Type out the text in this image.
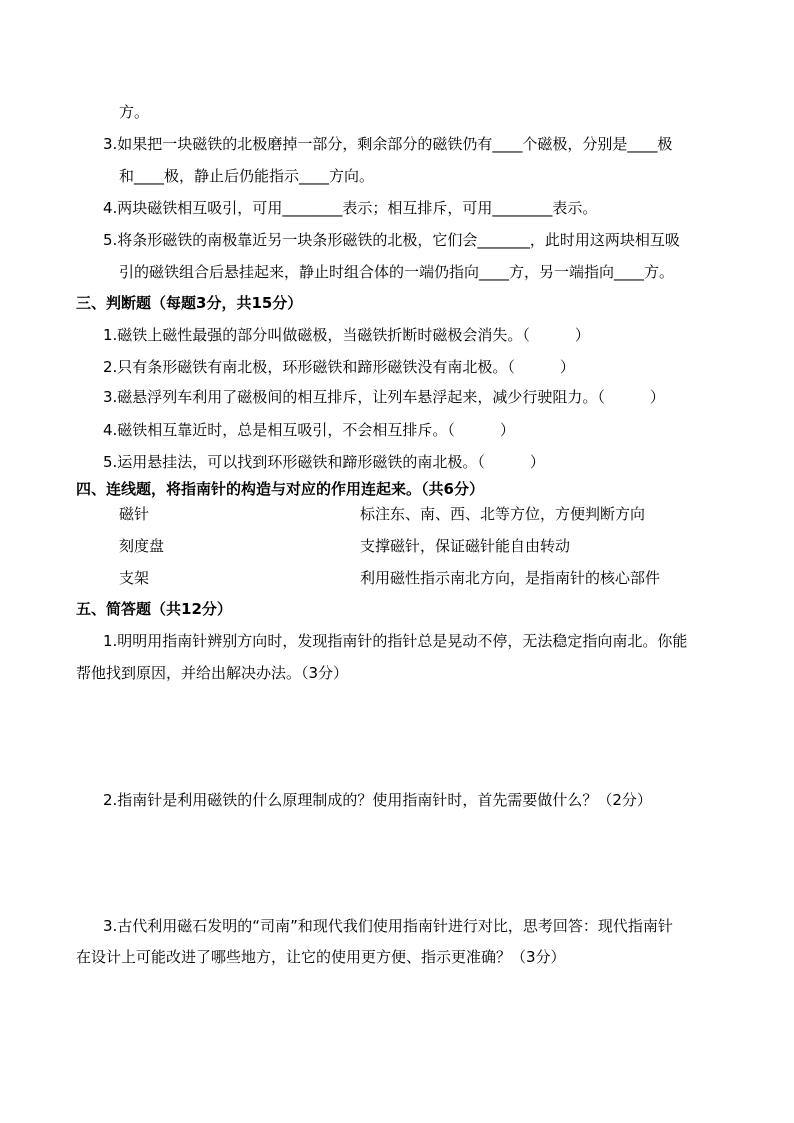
方。
3.如果把一块磁铁的北极磨掉一部分，剩余部分的磁铁仍有____个磁极，分别是____极
和____极，静止后仍能指示____方向。
4.两块磁铁相互吸引，可用________表示；相互排斥，可用________表示。
5.将条形磁铁的南极靠近另一块条形磁铁的北极，它们会_______，此时用这两块相互吸
引的磁铁组合后悬挂起来，静止时组合体的一端仍指向____方，另一端指向____方。
三、判断题（每题3分，共15分）
1.磁铁上磁性最强的部分叫做磁极，当磁铁折断时磁极会消失。（　　　）
2.只有条形磁铁有南北极，环形磁铁和蹄形磁铁没有南北极。（　　　）
3.磁悬浮列车利用了磁极间的相互排斥，让列车悬浮起来，减少行驶阻力。（　　　）
4.磁铁相互靠近时，总是相互吸引，不会相互排斥。（　　　）
5.运用悬挂法，可以找到环形磁铁和蹄形磁铁的南北极。（　　　）
四、连线题，将指南针的构造与对应的作用连起来。（共6分）
磁针	标注东、南、西、北等方位，方便判断方向
刻度盘	支撑磁针，保证磁针能自由转动
支架	利用磁性指示南北方向，是指南针的核心部件
五、简答题（共12分）
1.明明用指南针辨别方向时，发现指南针的指针总是晃动不停，无法稳定指向南北。你能
帮他找到原因，并给出解决办法。（3分）
2.指南针是利用磁铁的什么原理制成的？使用指南针时，首先需要做什么？（2分）
3.古代利用磁石发明的“司南”和现代我们使用指南针进行对比，思考回答：现代指南针
在设计上可能改进了哪些地方，让它的使用更方便、指示更准确？（3分）
